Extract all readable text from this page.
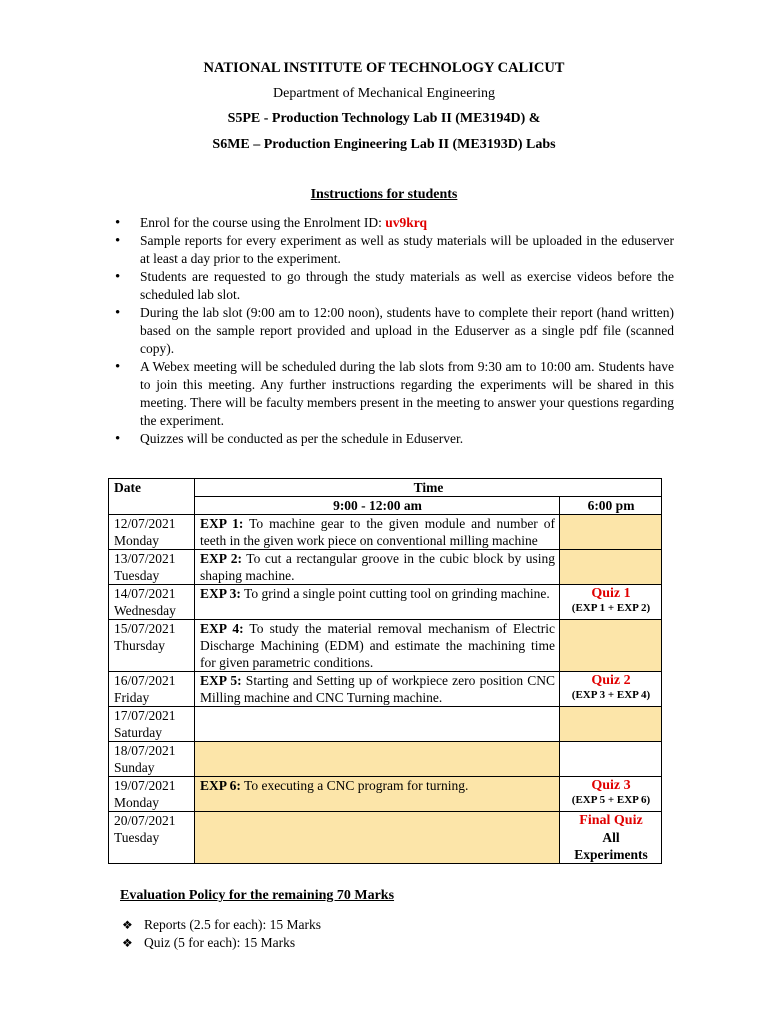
NATIONAL INSTITUTE OF TECHNOLOGY CALICUT
Department of Mechanical Engineering
S5PE - Production Technology Lab II (ME3194D) &
S6ME – Production Engineering Lab II (ME3193D) Labs
Instructions for students
• Enrol for the course using the Enrolment ID: uv9krq
• Sample reports for every experiment as well as study materials will be uploaded in the eduserver at least a day prior to the experiment.
• Students are requested to go through the study materials as well as exercise videos before the scheduled lab slot.
• During the lab slot (9:00 am to 12:00 noon), students have to complete their report (hand written) based on the sample report provided and upload in the Eduserver as a single pdf file (scanned copy).
• A Webex meeting will be scheduled during the lab slots from 9:30 am to 10:00 am. Students have to join this meeting. Any further instructions regarding the experiments will be shared in this meeting. There will be faculty members present in the meeting to answer your questions regarding the experiment.
• Quizzes will be conducted as per the schedule in Eduserver.
Date	Time	
	9:00 - 12:00 am	6:00 pm
12/07/2021
Monday	EXP 1: To machine gear to the given module and number of teeth in the given work piece on conventional milling machine	
13/07/2021
Tuesday	EXP 2: To cut a rectangular groove in the cubic block by using shaping machine.	
14/07/2021
Wednesday	EXP 3: To grind a single point cutting tool on grinding machine.	Quiz 1
(EXP 1 + EXP 2)

15/07/2021
Thursday	EXP 4: To study the material removal mechanism of Electric Discharge Machining (EDM) and estimate the machining time for given parametric conditions.	
16/07/2021
Friday	EXP 5: Starting and Setting up of workpiece zero position CNC Milling machine and CNC Turning machine.	Quiz 2
(EXP 3 + EXP 4)

17/07/2021
Saturday		
18/07/2021
Sunday		
19/07/2021
Monday	EXP 6: To executing a CNC program for turning.	Quiz 3
(EXP 5 + EXP 6)

20/07/2021
Tuesday		Final Quiz
All
Experiments
Evaluation Policy for the remaining 70 Marks
❖ Reports (2.5 for each): 15 Marks
❖ Quiz (5 for each): 15 Marks
